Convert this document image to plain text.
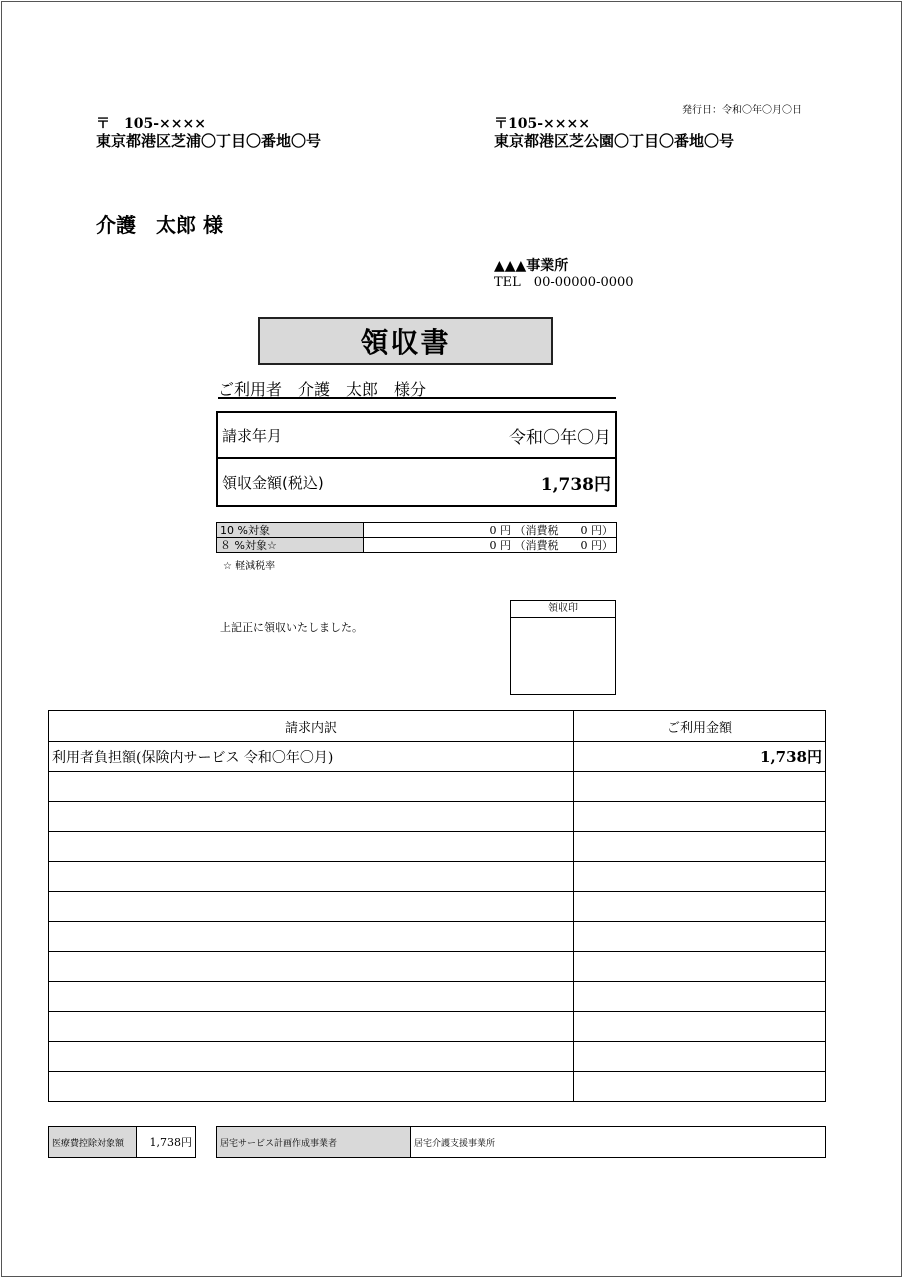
発行日：令和〇年〇月〇日
〒 105-××××
東京都港区芝浦〇丁目〇番地〇号
〒105-××××
東京都港区芝公園〇丁目〇番地〇号
介護　太郎 様
▲▲▲事業所
TEL　00-00000-0000
領収書
ご利用者　介護　太郎　様分
請求年月	令和〇年〇月
領収金額(税込)	1,738円
10 %対象	0 円 （消費税 0 円）
８ %対象☆	0 円 （消費税 0 円）
☆ 軽減税率
上記正に領収いたしました。
領収印
請求内訳	ご利用金額
利用者負担額(保険内サービス 令和〇年〇月)	1,738円

医療費控除対象額	1,738円	居宅サービス計画作成事業者	居宅介護支援事業所
